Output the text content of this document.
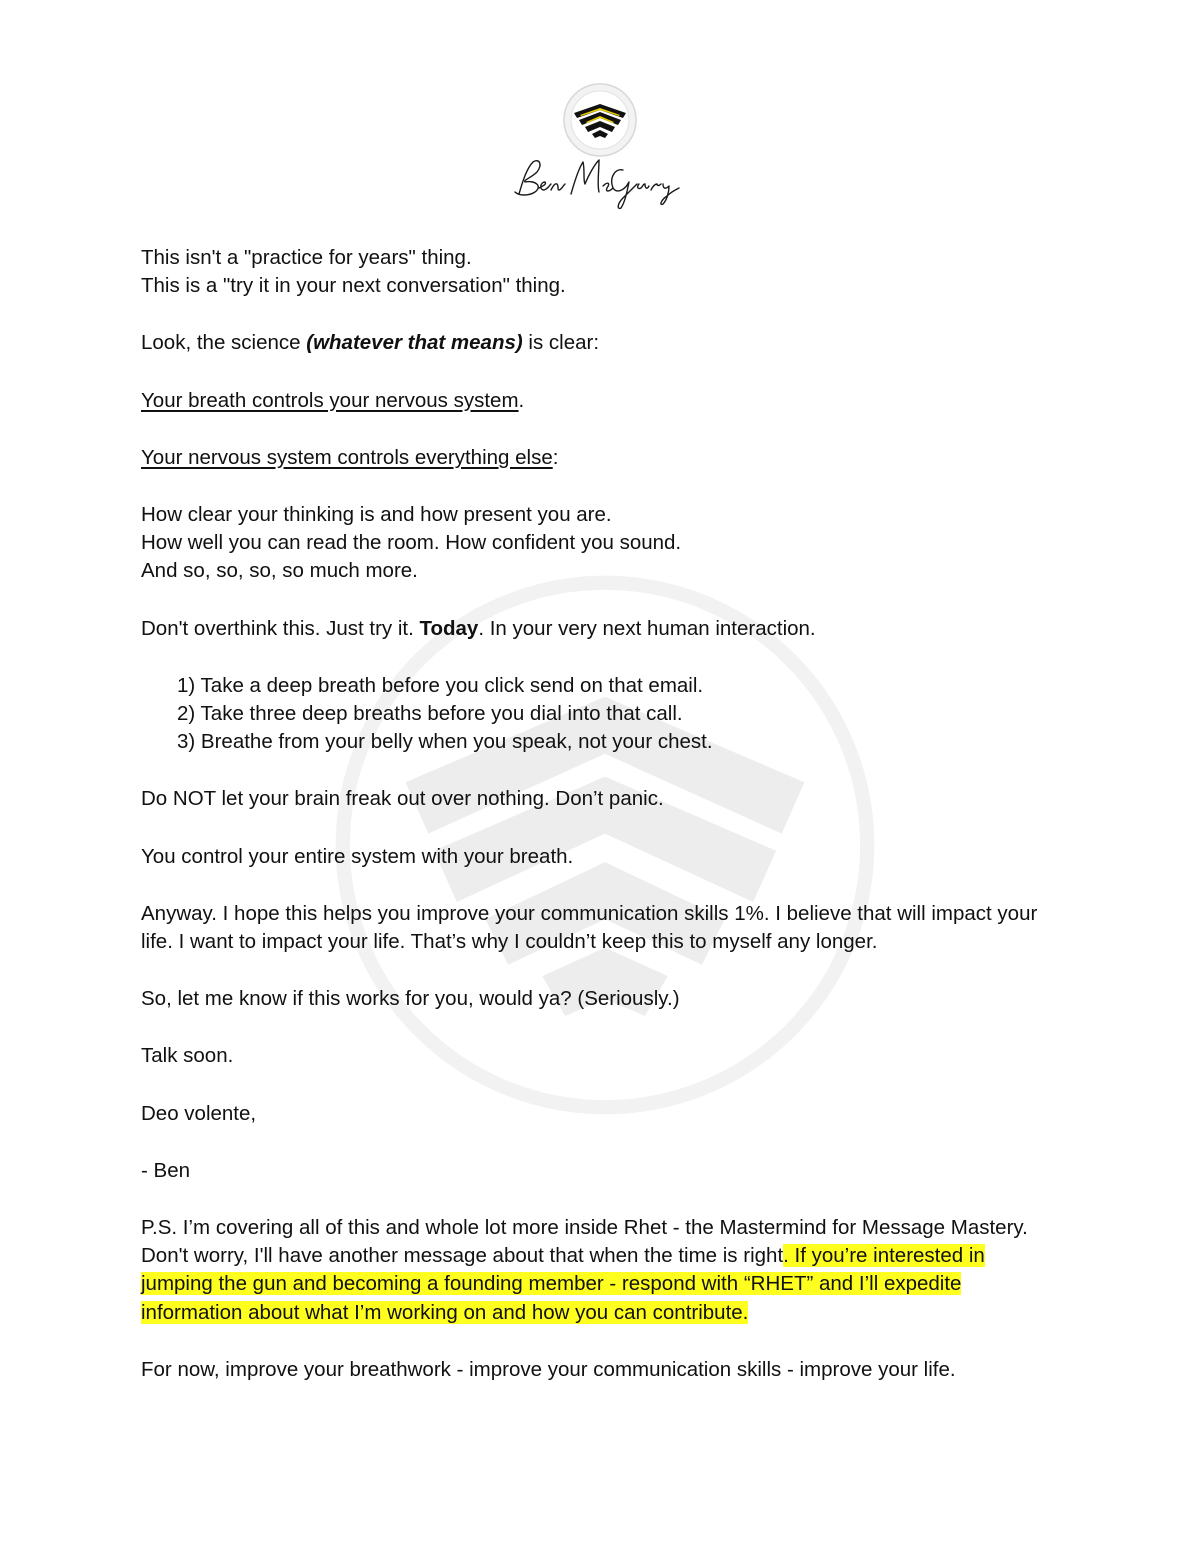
This isn't a "practice for years" thing.
This is a "try it in your next conversation" thing.

Look, the science (whatever that means) is clear:

Your breath controls your nervous system.

Your nervous system controls everything else:

How clear your thinking is and how present you are.
How well you can read the room. How confident you sound.
And so, so, so, so much more.

Don't overthink this. Just try it. Today. In your very next human interaction.

1) Take a deep breath before you click send on that email.
2) Take three deep breaths before you dial into that call.
3) Breathe from your belly when you speak, not your chest.

Do NOT let your brain freak out over nothing. Don’t panic.

You control your entire system with your breath.

Anyway. I hope this helps you improve your communication skills 1%. I believe that will impact your life. I want to impact your life. That’s why I couldn’t keep this to myself any longer.

So, let me know if this works for you, would ya? (Seriously.)

Talk soon.

Deo volente,

- Ben

P.S. I’m covering all of this and whole lot more inside Rhet - the Mastermind for Message Mastery. Don't worry, I'll have another message about that when the time is right. If you’re interested in jumping the gun and becoming a founding member - respond with “RHET” and I’ll expedite information about what I’m working on and how you can contribute.

For now, improve your breathwork - improve your communication skills - improve your life.
